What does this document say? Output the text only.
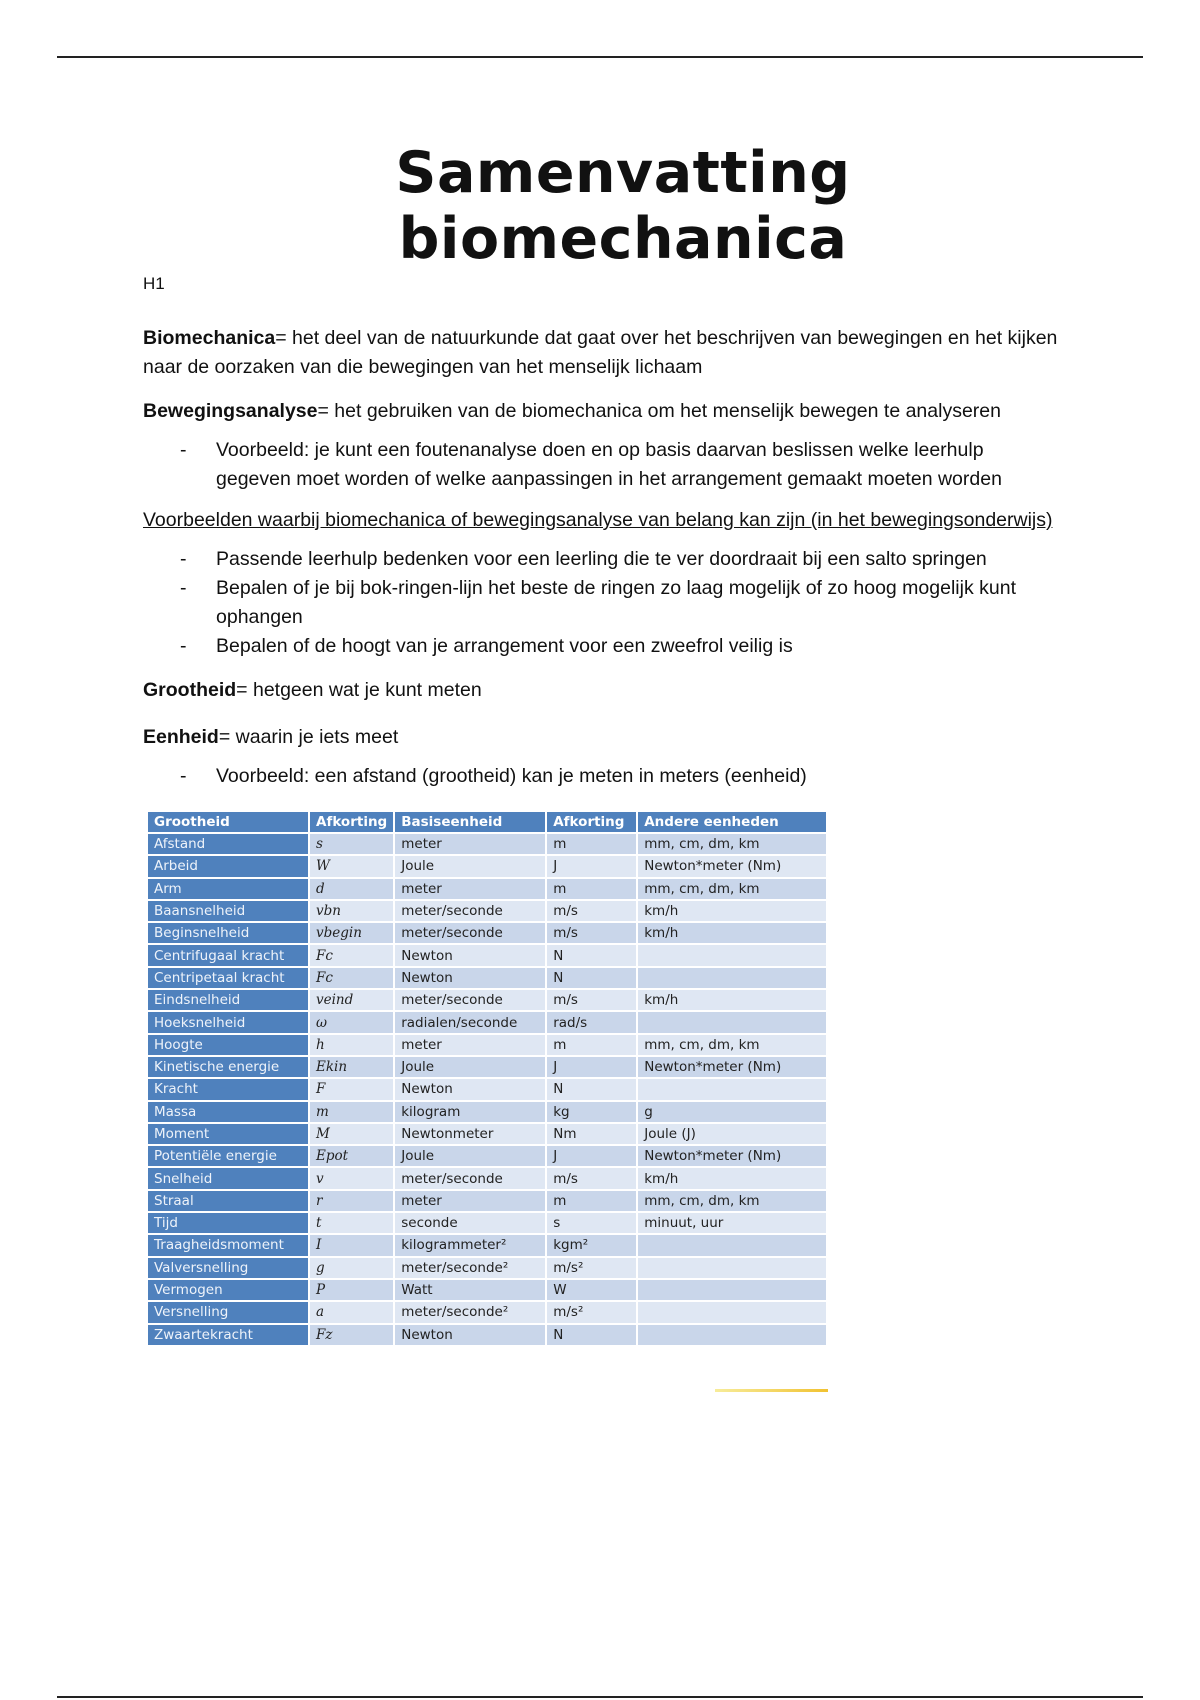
Samenvatting biomechanica
H1

Biomechanica= het deel van de natuurkunde dat gaat over het beschrijven van bewegingen en het kijken naar de oorzaken van die bewegingen van het menselijk lichaam

Bewegingsanalyse= het gebruiken van de biomechanica om het menselijk bewegen te analyseren

- Voorbeeld: je kunt een foutenanalyse doen en op basis daarvan beslissen welke leerhulp gegeven moet worden of welke aanpassingen in het arrangement gemaakt moeten worden

Voorbeelden waarbij biomechanica of bewegingsanalyse van belang kan zijn (in het bewegingsonderwijs)

- Passende leerhulp bedenken voor een leerling die te ver doordraait bij een salto springen
- Bepalen of je bij bok-ringen-lijn het beste de ringen zo laag mogelijk of zo hoog mogelijk kunt ophangen
- Bepalen of de hoogt van je arrangement voor een zweefrol veilig is

Grootheid= hetgeen wat je kunt meten

Eenheid= waarin je iets meet

- Voorbeeld: een afstand (grootheid) kan je meten in meters (eenheid)
Grootheid	Afkorting	Basiseenheid	Afkorting	Andere eenheden
Afstand	s	meter	m	mm, cm, dm, km
Arbeid	W	Joule	J	Newton*meter (Nm)
Arm	d	meter	m	mm, cm, dm, km
Baansnelheid	vbn	meter/seconde	m/s	km/h
Beginsnelheid	vbegin	meter/seconde	m/s	km/h
Centrifugaal kracht	Fc	Newton	N	
Centripetaal kracht	Fc	Newton	N	
Eindsnelheid	veind	meter/seconde	m/s	km/h
Hoeksnelheid	ω	radialen/seconde	rad/s	
Hoogte	h	meter	m	mm, cm, dm, km
Kinetische energie	Ekin	Joule	J	Newton*meter (Nm)
Kracht	F	Newton	N	
Massa	m	kilogram	kg	g
Moment	M	Newtonmeter	Nm	Joule (J)
Potentiële energie	Epot	Joule	J	Newton*meter (Nm)
Snelheid	v	meter/seconde	m/s	km/h
Straal	r	meter	m	mm, cm, dm, km
Tijd	t	seconde	s	minuut, uur
Traagheidsmoment	I	kilogrammeter²	kgm²	
Valversnelling	g	meter/seconde²	m/s²	
Vermogen	P	Watt	W	
Versnelling	a	meter/seconde²	m/s²	
Zwaartekracht	Fz	Newton	N	
